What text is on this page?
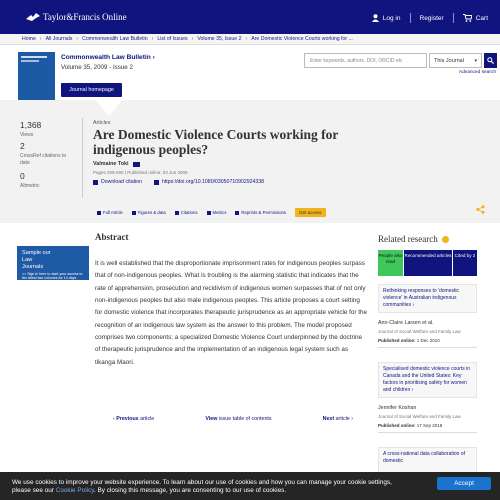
Taylor&Francis Online	Log in	Register	Cart
Home › All Journals › Commonwealth Law Bulletin › List of Issues › Volume 35, Issue 2 › Are Domestic Violence Courts working for ...
Commonwealth Law Bulletin ›
Volume 35, 2009 - Issue 2
Journal homepage
Enter keywords, authors, DOI, ORCID etc	This Journal ▾
Advanced search
1,368
Views
2
CrossRef citations to date
0
Altmetric
Articles
Are Domestic Violence Courts working for indigenous peoples?
Valmaine Toki
Pages 259-290 | Published online: 03 Jun 2009
Download citation	https://doi.org/10.1080/03050710902924338
Full Article	Figures & data	Citations	Metrics	Reprints & Permissions	Get access
Sample our Law Journals
>> Sign in here to start your access to the latest two volumes for 14 days
Abstract
It is well established that the disproportionate imprisonment rates for indigenous peoples surpass that of non-indigenous peoples. What is troubling is the alarming statistic that indicates that the rate of apprehension, prosecution and recidivism of indigenous women surpasses that of not only non-indigenous peoples but also male indigenous peoples. This article proposes a court setting for domestic violence that incorporates therapeutic jurisprudence as an appropriate vehicle for the recognition of an indigenous law system as the answer to this problem. The model proposed comprises two components; a specialized Domestic Violence Court underpinned by the doctrine of therapeutic jurisprudence and the implementation of an indigenous legal system such as tikanga Maori.
‹ Previous article	View issue table of contents	Next article ›
Related research
People also read
Recommended articles Cited by 2
Rethinking responses to 'domestic violence' in Australian indigenous communities ›
Ann-Claire Larsen et al.
Journal of Social Welfare and Family Law
Published online: 1 Dec 2010
Specialised domestic violence courts in Canada and the United States: Key factors in prioritising safety for women and children ›
Jennifer Koshan
Journal of Social Welfare and Family Law
Published online: 17 Sep 2018
A cross-national data collaboration of domestic
We use cookies to improve your website experience. To learn about our use of cookies and how you can manage your cookie settings,
please see our Cookie Policy. By closing this message, you are consenting to our use of cookies.
Accept
